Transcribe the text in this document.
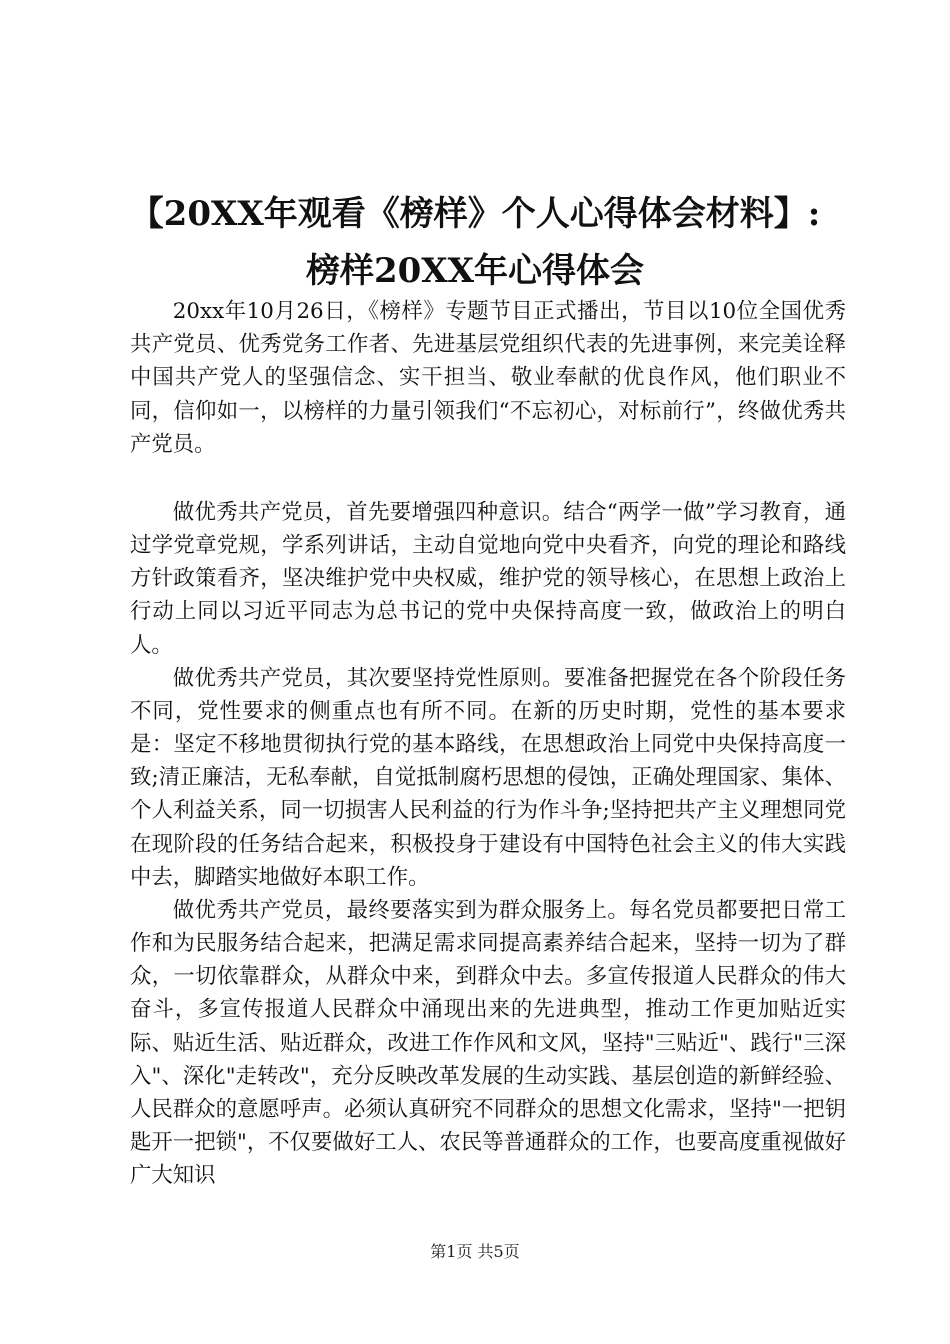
【20XX年观看《榜样》个人心得体会材料】:
榜样20XX年心得体会

20xx年10月26日，《榜样》专题节目正式播出，节目以10位全国优秀共产党员、优秀党务工作者、先进基层党组织代表的先进事例，来完美诠释中国共产党人的坚强信念、实干担当、敬业奉献的优良作风，他们职业不同，信仰如一，以榜样的力量引领我们“不忘初心，对标前行”，终做优秀共产党员。

做优秀共产党员，首先要增强四种意识。结合“两学一做”学习教育，通过学党章党规，学系列讲话，主动自觉地向党中央看齐，向党的理论和路线方针政策看齐，坚决维护党中央权威，维护党的领导核心，在思想上政治上行动上同以习近平同志为总书记的党中央保持高度一致，做政治上的明白人。

做优秀共产党员，其次要坚持党性原则。要准备把握党在各个阶段任务不同，党性要求的侧重点也有所不同。在新的历史时期，党性的基本要求是：坚定不移地贯彻执行党的基本路线，在思想政治上同党中央保持高度一致;清正廉洁，无私奉献，自觉抵制腐朽思想的侵蚀，正确处理国家、集体、个人利益关系，同一切损害人民利益的行为作斗争;坚持把共产主义理想同党在现阶段的任务结合起来，积极投身于建设有中国特色社会主义的伟大实践中去，脚踏实地做好本职工作。

做优秀共产党员，最终要落实到为群众服务上。每名党员都要把日常工作和为民服务结合起来，把满足需求同提高素养结合起来，坚持一切为了群众，一切依靠群众，从群众中来，到群众中去。多宣传报道人民群众的伟大奋斗，多宣传报道人民群众中涌现出来的先进典型，推动工作更加贴近实际、贴近生活、贴近群众，改进工作作风和文风，坚持"三贴近"、践行"三深入"、深化"走转改"，充分反映改革发展的生动实践、基层创造的新鲜经验、人民群众的意愿呼声。必须认真研究不同群众的思想文化需求，坚持"一把钥匙开一把锁"，不仅要做好工人、农民等普通群众的工作，也要高度重视做好广大知识

第1页 共5页
